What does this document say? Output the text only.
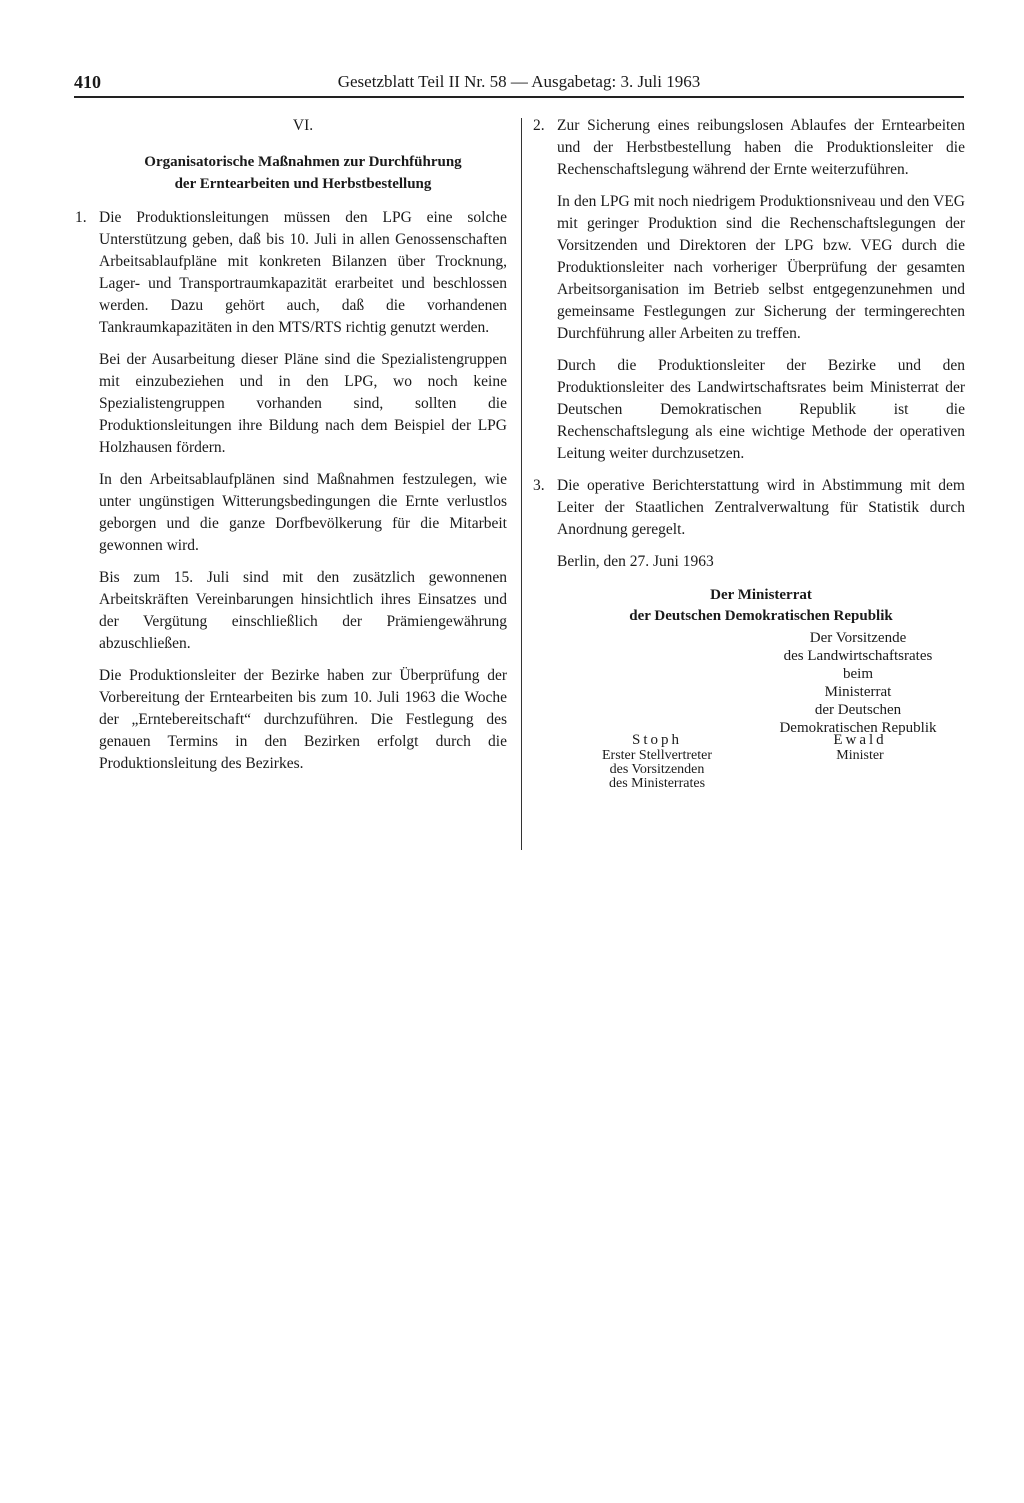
410	Gesetzblatt Teil II Nr. 58 — Ausgabetag: 3. Juli 1963
VI.
Organisatorische Maßnahmen zur Durchführung
der Erntearbeiten und Herbstbestellung
1. Die Produktionsleitungen müssen den LPG eine solche Unterstützung geben, daß bis 10. Juli in allen Genossenschaften Arbeitsablaufpläne mit konkreten Bilanzen über Trocknung, Lager- und Transportraumkapazität erarbeitet und beschlossen werden. Dazu gehört auch, daß die vorhandenen Tankraumkapazitäten in den MTS/RTS richtig genutzt werden.

Bei der Ausarbeitung dieser Pläne sind die Spezialistengruppen mit einzubeziehen und in den LPG, wo noch keine Spezialistengruppen vorhanden sind, sollten die Produktionsleitungen ihre Bildung nach dem Beispiel der LPG Holzhausen fördern.

In den Arbeitsablaufplänen sind Maßnahmen festzulegen, wie unter ungünstigen Witterungsbedingungen die Ernte verlustlos geborgen und die ganze Dorfbevölkerung für die Mitarbeit gewonnen wird.

Bis zum 15. Juli sind mit den zusätzlich gewonnenen Arbeitskräften Vereinbarungen hinsichtlich ihres Einsatzes und der Vergütung einschließlich der Prämiengewährung abzuschließen.

Die Produktionsleiter der Bezirke haben zur Überprüfung der Vorbereitung der Erntearbeiten bis zum 10. Juli 1963 die Woche der „Erntebereitschaft“ durchzuführen. Die Festlegung des genauen Termins in den Bezirken erfolgt durch die Produktionsleitung des Bezirkes.

2. Zur Sicherung eines reibungslosen Ablaufes der Erntearbeiten und der Herbstbestellung haben die Produktionsleiter die Rechenschaftslegung während der Ernte weiterzuführen.

In den LPG mit noch niedrigem Produktionsniveau und den VEG mit geringer Produktion sind die Rechenschaftslegungen der Vorsitzenden und Direktoren der LPG bzw. VEG durch die Produktionsleiter nach vorheriger Überprüfung der gesamten Arbeitsorganisation im Betrieb selbst entgegenzunehmen und gemeinsame Festlegungen zur Sicherung der termingerechten Durchführung aller Arbeiten zu treffen.

Durch die Produktionsleiter der Bezirke und den Produktionsleiter des Landwirtschaftsrates beim Ministerrat der Deutschen Demokratischen Republik ist die Rechenschaftslegung als eine wichtige Methode der operativen Leitung weiter durchzusetzen.

3. Die operative Berichterstattung wird in Abstimmung mit dem Leiter der Staatlichen Zentralverwaltung für Statistik durch Anordnung geregelt.
Berlin, den 27. Juni 1963
Der Ministerrat
der Deutschen Demokratischen Republik
Der Vorsitzende
des Landwirtschaftsrates
beim
Ministerrat
der Deutschen
Demokratischen Republik
Stoph
Erster Stellvertreter
des Vorsitzenden
des Ministerrates
Ewald
Minister
